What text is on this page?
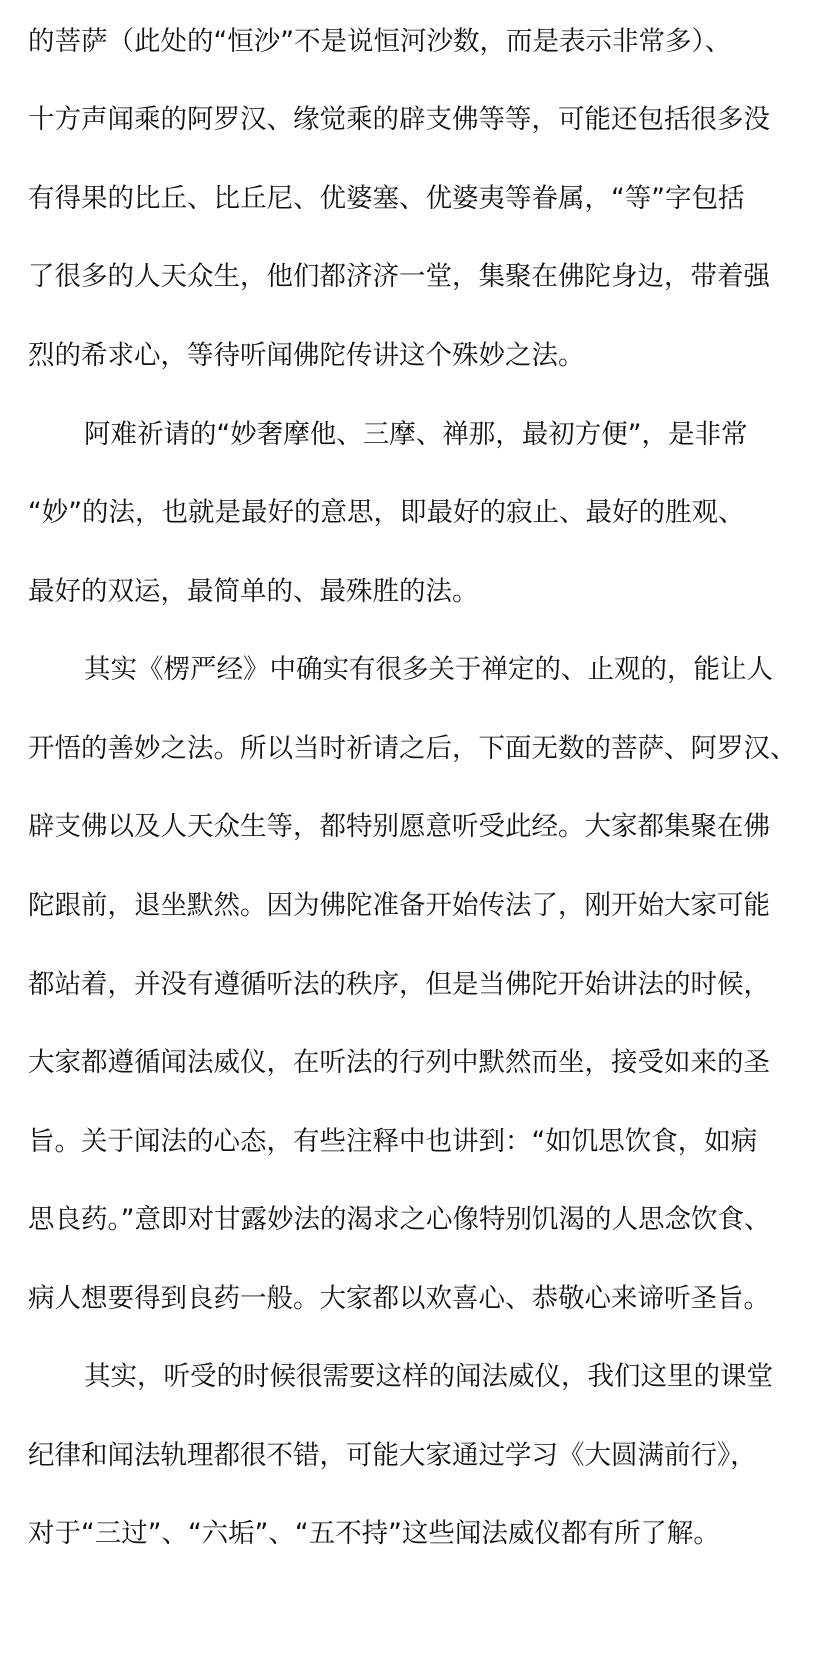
的菩萨（此处的“恒沙”不是说恒河沙数，而是表示非常多）、
十方声闻乘的阿罗汉、缘觉乘的辟支佛等等，可能还包括很多没
有得果的比丘、比丘尼、优婆塞、优婆夷等眷属，“等”字包括
了很多的人天众生，他们都济济一堂，集聚在佛陀身边，带着强
烈的希求心，等待听闻佛陀传讲这个殊妙之法。
阿难祈请的“妙奢摩他、三摩、禅那，最初方便”，是非常
“妙”的法，也就是最好的意思，即最好的寂止、最好的胜观、
最好的双运，最简单的、最殊胜的法。
其实《楞严经》中确实有很多关于禅定的、止观的，能让人
开悟的善妙之法。所以当时祈请之后，下面无数的菩萨、阿罗汉、
辟支佛以及人天众生等，都特别愿意听受此经。大家都集聚在佛
陀跟前，退坐默然。因为佛陀准备开始传法了，刚开始大家可能
都站着，并没有遵循听法的秩序，但是当佛陀开始讲法的时候，
大家都遵循闻法威仪，在听法的行列中默然而坐，接受如来的圣
旨。关于闻法的心态，有些注释中也讲到：“如饥思饮食，如病
思良药。”意即对甘露妙法的渴求之心像特别饥渴的人思念饮食、
病人想要得到良药一般。大家都以欢喜心、恭敬心来谛听圣旨。
其实，听受的时候很需要这样的闻法威仪，我们这里的课堂
纪律和闻法轨理都很不错，可能大家通过学习《大圆满前行》，
对于“三过”、“六垢”、“五不持”这些闻法威仪都有所了解。
